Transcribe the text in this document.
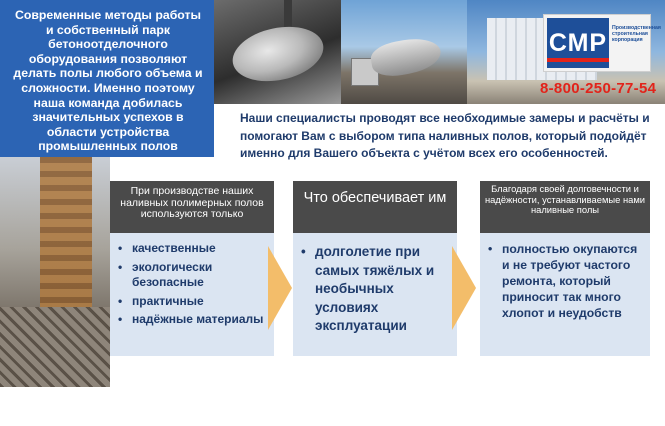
Современные методы работы и собственный парк бетоноотделочного оборудования позволяют делать полы любого объема и сложности. Именно поэтому наша команда добилась значительных успехов в области устройства промышленных полов
СМР
Производственная строительная корпорация
8-800-250-77-54
Наши специалисты проводят все необходимые замеры и расчёты и помогают Вам с выбором типа наливных полов, который подойдёт именно для Вашего объекта с учётом всех его особенностей.
При производстве наших наливных полимерных полов используются только
• качественные
• экологически безопасные
• практичные
• надёжные материалы
Что обеспечивает им
• долголетие при самых тяжёлых и необычных условиях эксплуатации
Благодаря своей долговечности и надёжности, устанавливаемые нами наливные полы
• полностью окупаются и не требуют частого ремонта, который приносит так много хлопот и неудобств
